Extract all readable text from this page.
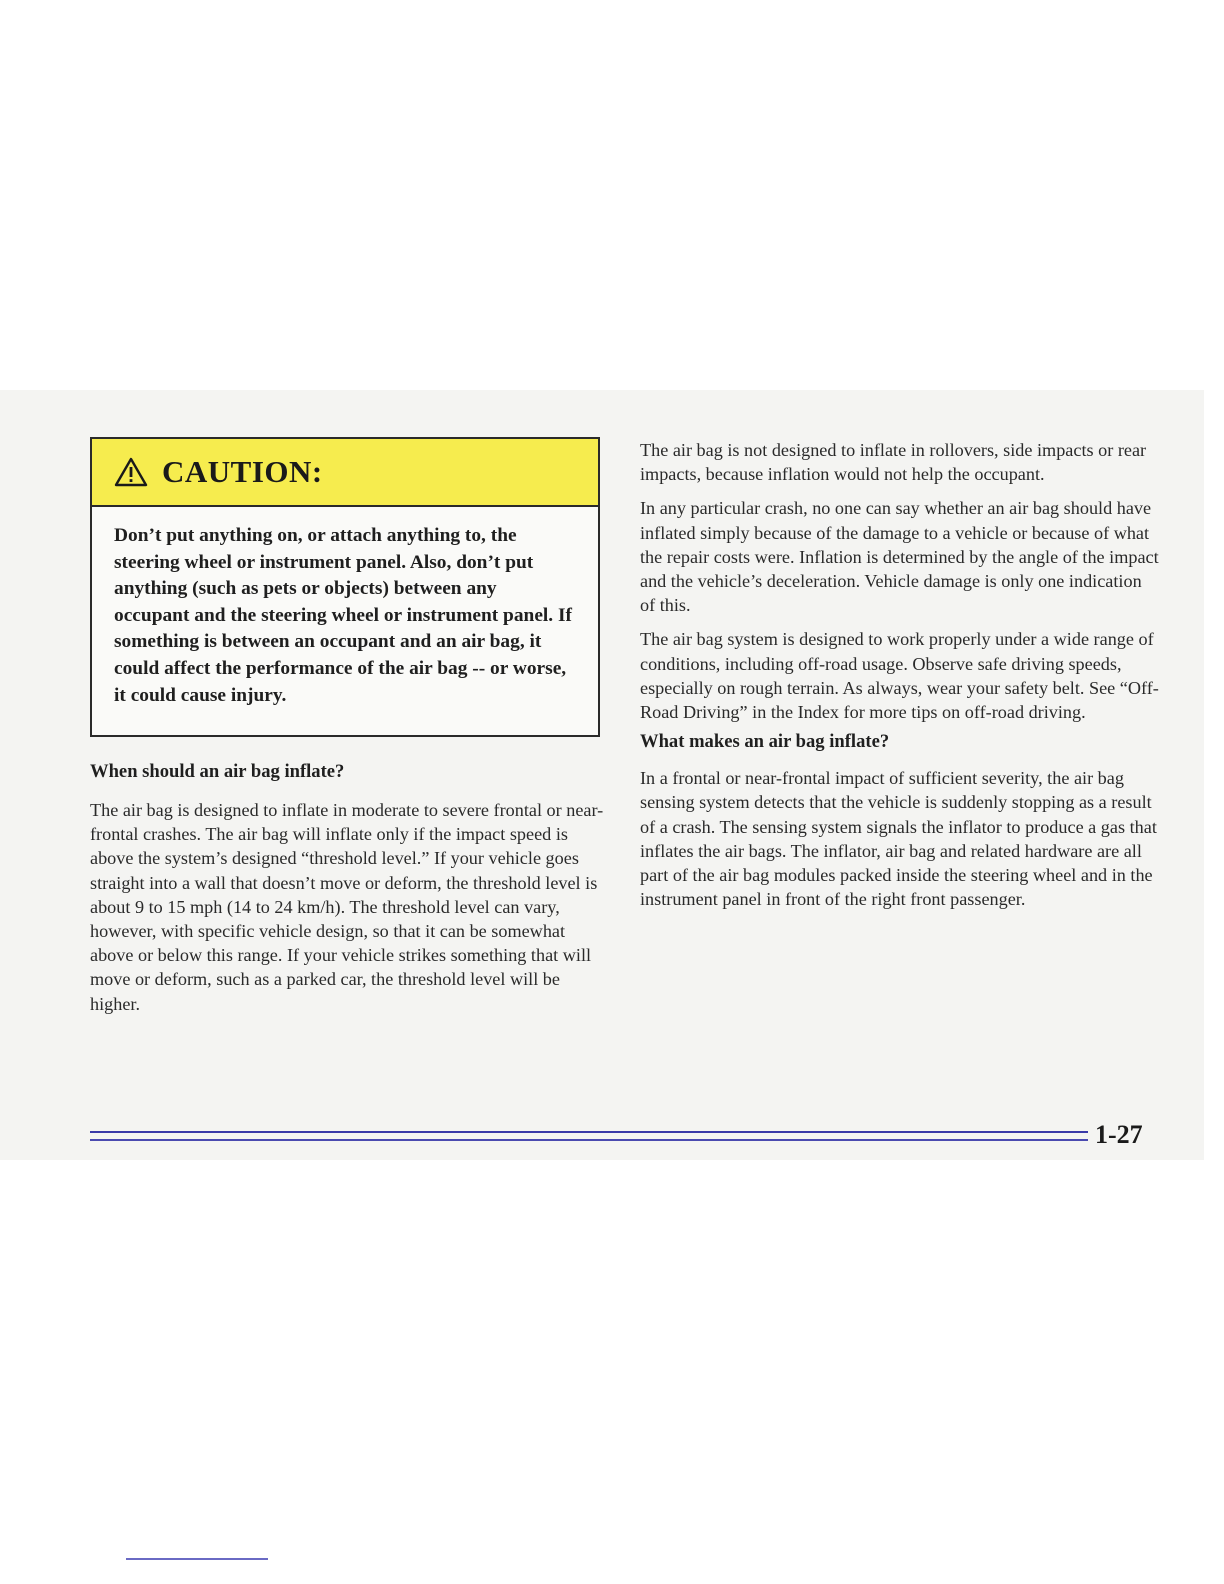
CAUTION:
Don’t put anything on, or attach anything to, the steering wheel or instrument panel. Also, don’t put anything (such as pets or objects) between any occupant and the steering wheel or instrument panel. If something is between an occupant and an air bag, it could affect the performance of the air bag -- or worse, it could cause injury.

When should an air bag inflate?

The air bag is designed to inflate in moderate to severe frontal or near-frontal crashes. The air bag will inflate only if the impact speed is above the system’s designed “threshold level.” If your vehicle goes straight into a wall that doesn’t move or deform, the threshold level is about 9 to 15 mph (14 to 24 km/h). The threshold level can vary, however, with specific vehicle design, so that it can be somewhat above or below this range. If your vehicle strikes something that will move or deform, such as a parked car, the threshold level will be higher.

The air bag is not designed to inflate in rollovers, side impacts or rear impacts, because inflation would not help the occupant.

In any particular crash, no one can say whether an air bag should have inflated simply because of the damage to a vehicle or because of what the repair costs were. Inflation is determined by the angle of the impact and the vehicle’s deceleration. Vehicle damage is only one indication of this.

The air bag system is designed to work properly under a wide range of conditions, including off-road usage. Observe safe driving speeds, especially on rough terrain. As always, wear your safety belt. See “Off-Road Driving” in the Index for more tips on off-road driving.

What makes an air bag inflate?

In a frontal or near-frontal impact of sufficient severity, the air bag sensing system detects that the vehicle is suddenly stopping as a result of a crash. The sensing system signals the inflator to produce a gas that inflates the air bags. The inflator, air bag and related hardware are all part of the air bag modules packed inside the steering wheel and in the instrument panel in front of the right front passenger.

1-27
